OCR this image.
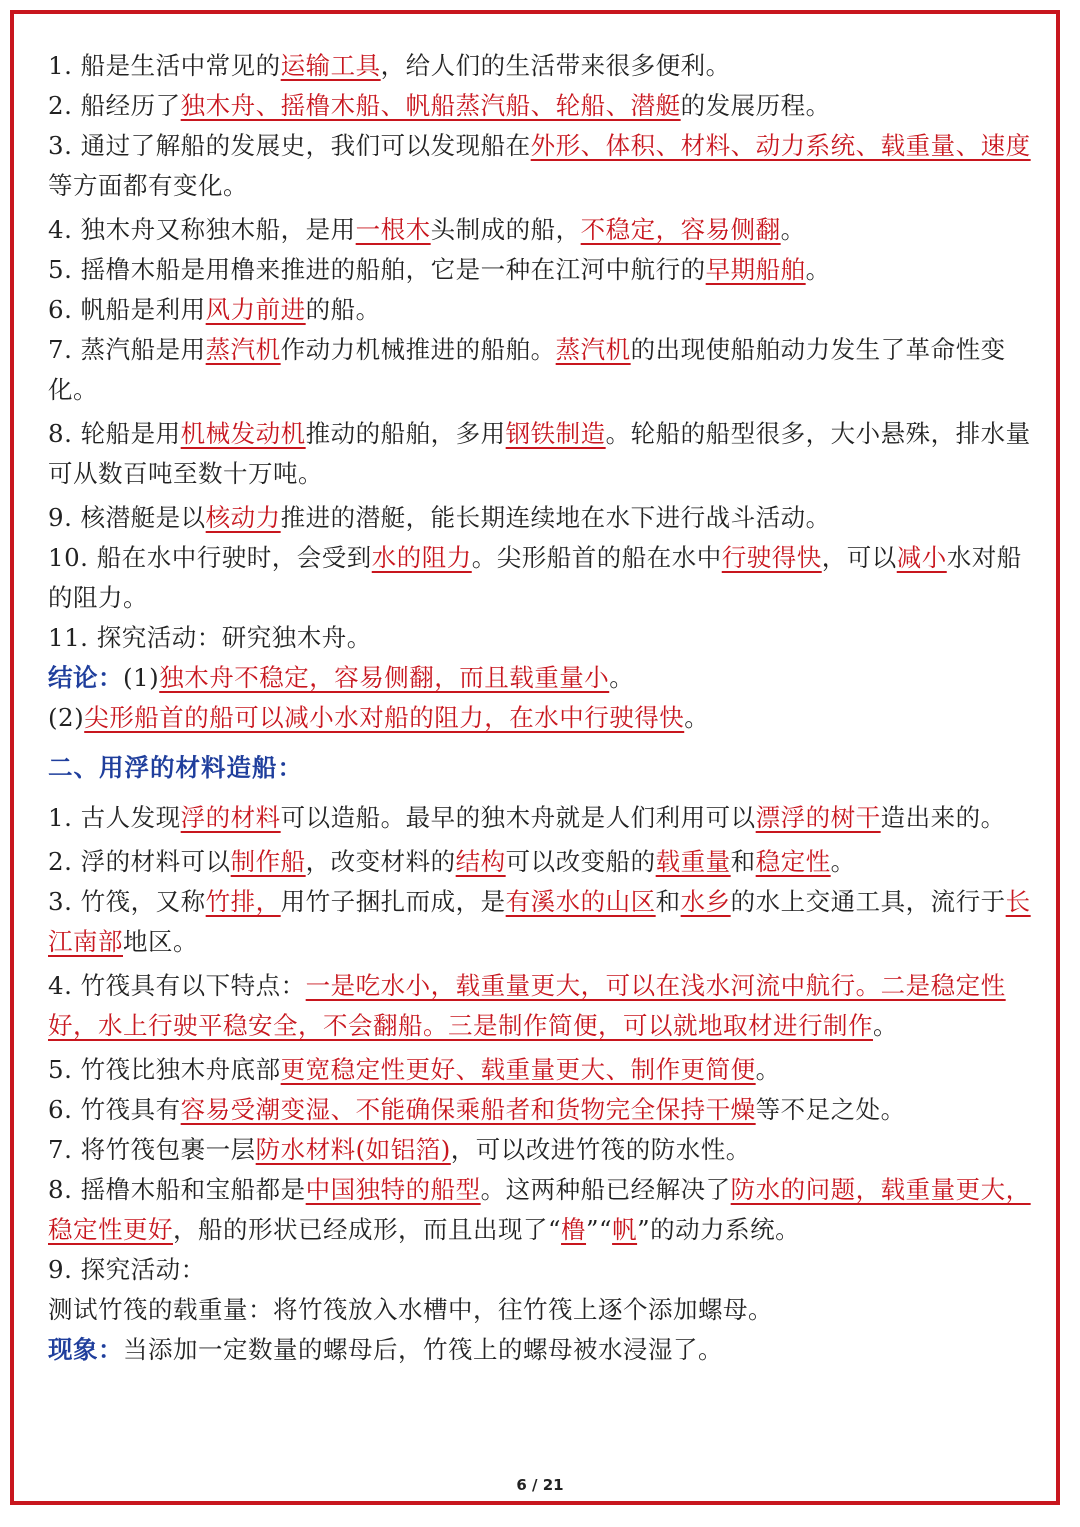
1. 船是生活中常见的运输工具，给人们的生活带来很多便利。
2. 船经历了独木舟、摇橹木船、帆船蒸汽船、轮船、潜艇的发展历程。

3. 通过了解船的发展史，我们可以发现船在外形、体积、材料、动力系统、载重量、速度等方面都有变化。

4. 独木舟又称独木船，是用一根木头制成的船，不稳定，容易侧翻。
5. 摇橹木船是用橹来推进的船舶，它是一种在江河中航行的早期船舶。
6. 帆船是利用风力前进的船。

7. 蒸汽船是用蒸汽机作动力机械推进的船舶。蒸汽机的出现使船舶动力发生了革命性变化。

8. 轮船是用机械发动机推动的船舶，多用钢铁制造。轮船的船型很多，大小悬殊，排水量可从数百吨至数十万吨。

9. 核潜艇是以核动力推进的潜艇，能长期连续地在水下进行战斗活动。

10. 船在水中行驶时，会受到水的阻力。尖形船首的船在水中行驶得快，可以减小水对船的阻力。

11. 探究活动：研究独木舟。
结论：(1)独木舟不稳定，容易侧翻，而且载重量小。
(2)尖形船首的船可以减小水对船的阻力，在水中行驶得快。
二、用浮的材料造船：

1. 古人发现浮的材料可以造船。最早的独木舟就是人们利用可以漂浮的树干造出来的。

2. 浮的材料可以制作船，改变材料的结构可以改变船的载重量和稳定性。

3. 竹筏，又称竹排，用竹子捆扎而成，是有溪水的山区和水乡的水上交通工具，流行于长江南部地区。

4. 竹筏具有以下特点：一是吃水小，载重量更大，可以在浅水河流中航行。二是稳定性好，水上行驶平稳安全，不会翻船。三是制作简便，可以就地取材进行制作。

5. 竹筏比独木舟底部更宽稳定性更好、载重量更大、制作更简便。
6. 竹筏具有容易受潮变湿、不能确保乘船者和货物完全保持干燥等不足之处。
7. 将竹筏包裹一层防水材料(如铝箔)，可以改进竹筏的防水性。

8. 摇橹木船和宝船都是中国独特的船型。这两种船已经解决了防水的问题，载重量更大，稳定性更好，船的形状已经成形，而且出现了“橹”“帆”的动力系统。

9. 探究活动：
测试竹筏的载重量：将竹筏放入水槽中，往竹筏上逐个添加螺母。
现象：当添加一定数量的螺母后，竹筏上的螺母被水浸湿了。
6 / 21
